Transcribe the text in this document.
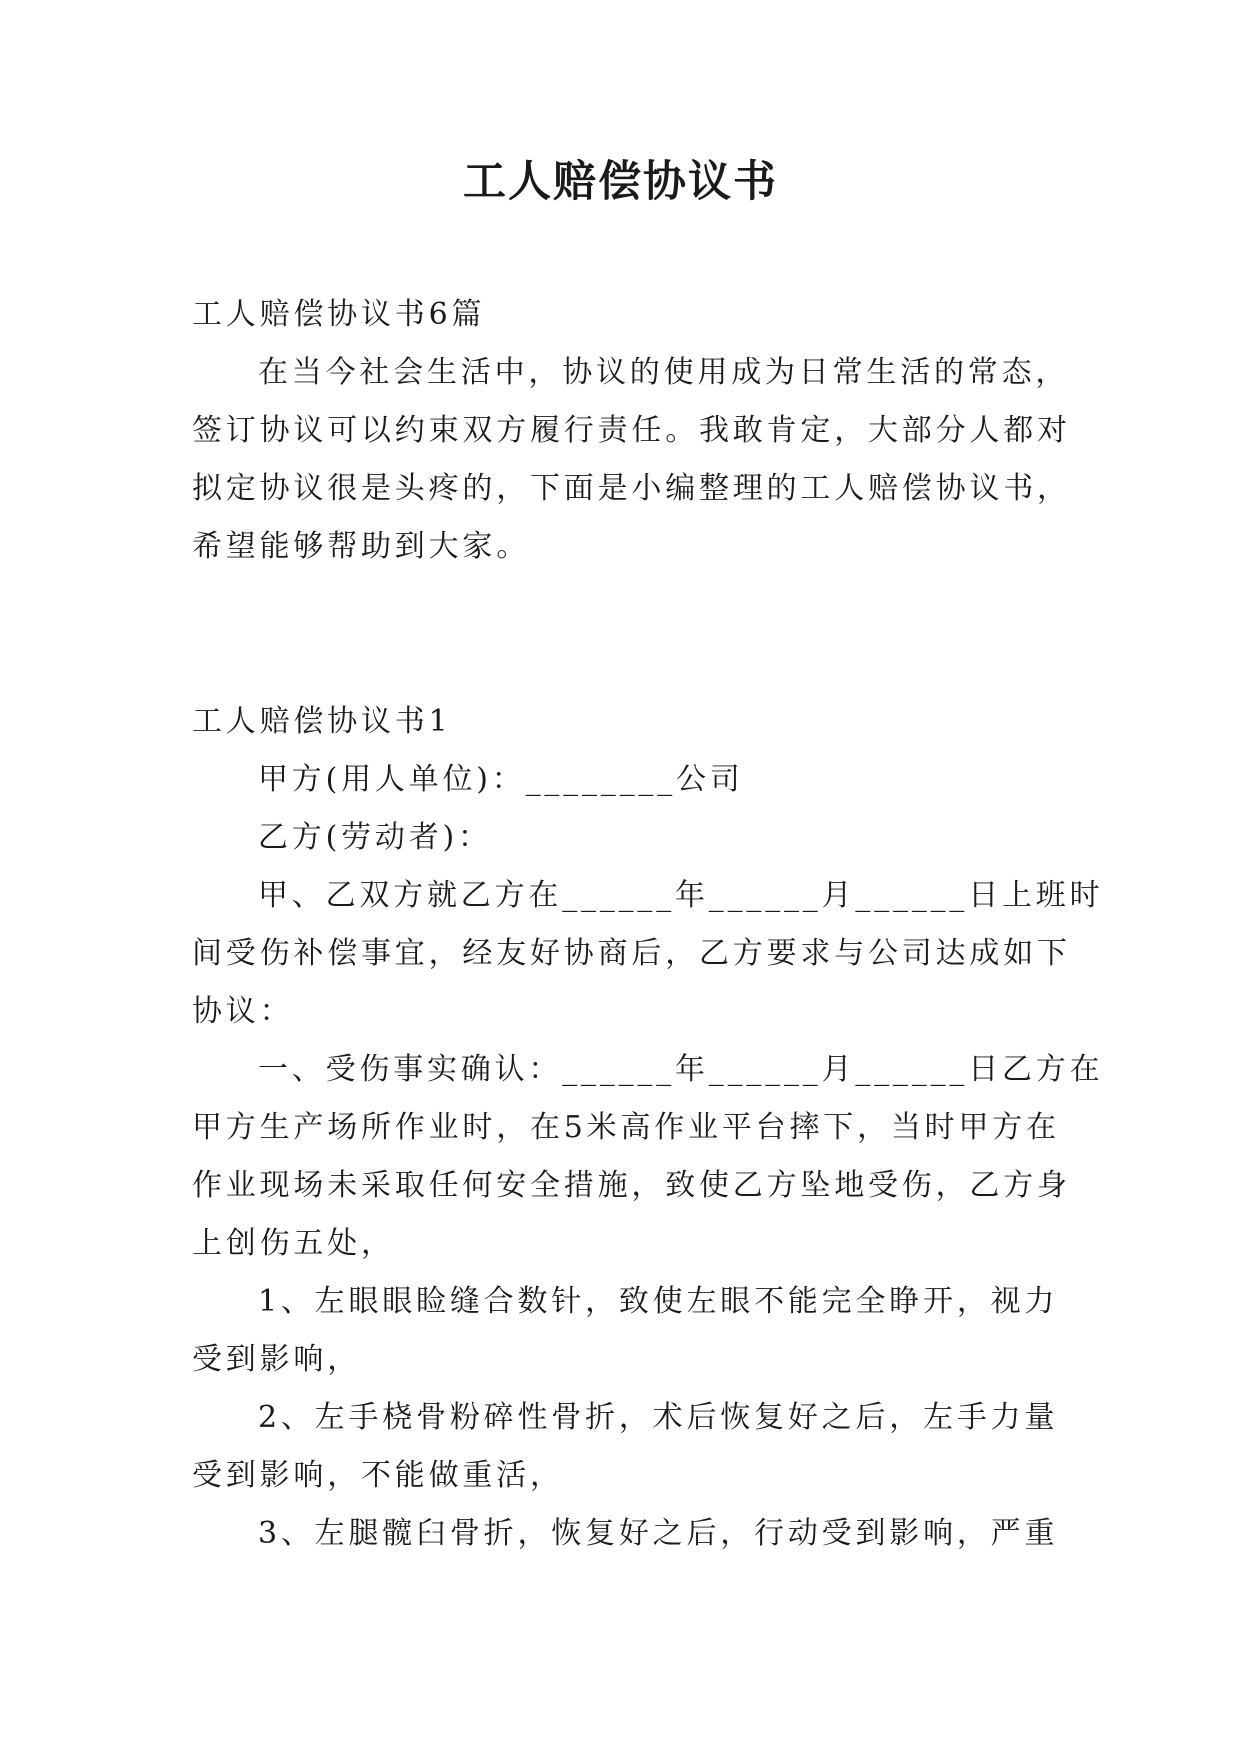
工人赔偿协议书

工人赔偿协议书6篇

在当今社会生活中，协议的使用成为日常生活的常态，

签订协议可以约束双方履行责任。我敢肯定，大部分人都对

拟定协议很是头疼的，下面是小编整理的工人赔偿协议书，

希望能够帮助到大家。

工人赔偿协议书1

甲方(用人单位)：________公司

乙方(劳动者)：

甲、乙双方就乙方在______年______月______日上班时

间受伤补偿事宜，经友好协商后，乙方要求与公司达成如下

协议：

一、受伤事实确认：______年______月______日乙方在

甲方生产场所作业时，在5米高作业平台摔下，当时甲方在

作业现场未采取任何安全措施，致使乙方坠地受伤，乙方身

上创伤五处，

1、左眼眼睑缝合数针，致使左眼不能完全睁开，视力

受到影响，

2、左手桡骨粉碎性骨折，术后恢复好之后，左手力量

受到影响，不能做重活，

3、左腿髋臼骨折，恢复好之后，行动受到影响，严重
